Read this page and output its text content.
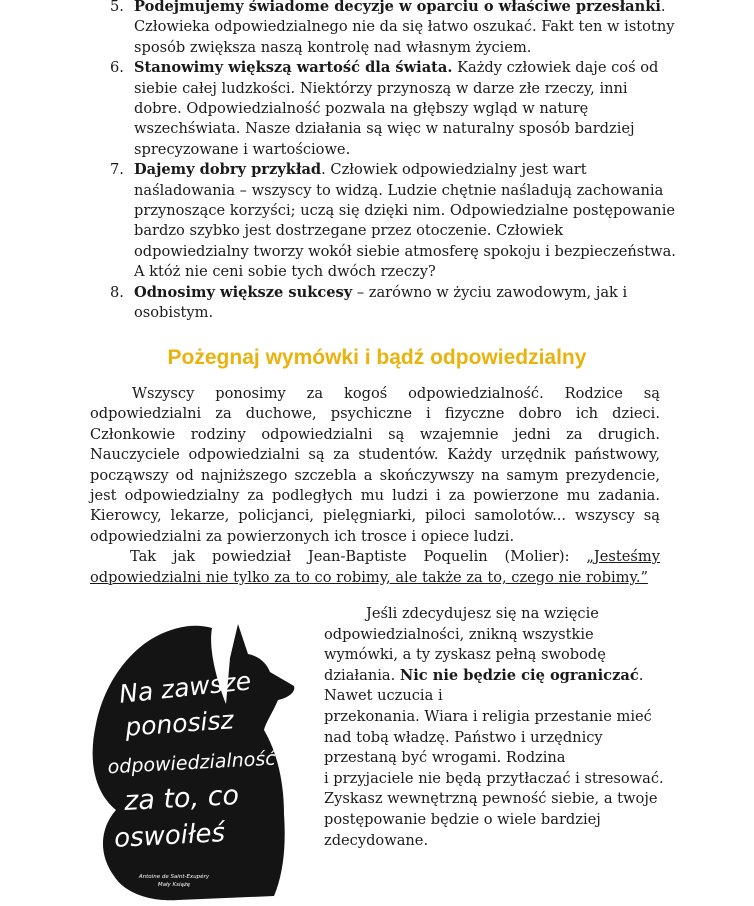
5. Podejmujemy świadome decyzje w oparciu o właściwe przesłanki. Człowieka odpowiedzialnego nie da się łatwo oszukać. Fakt ten w istotny sposób zwiększa naszą kontrolę nad własnym życiem.
6. Stanowimy większą wartość dla świata. Każdy człowiek daje coś od siebie całej ludzkości. Niektórzy przynoszą w darze złe rzeczy, inni dobre. Odpowiedzialność pozwala na głębszy wgląd w naturę wszechświata. Nasze działania są więc w naturalny sposób bardziej sprecyzowane i wartościowe.
7. Dajemy dobry przykład. Człowiek odpowiedzialny jest wart naśladowania – wszyscy to widzą. Ludzie chętnie naśladują zachowania przynoszące korzyści; uczą się dzięki nim. Odpowiedzialne postępowanie bardzo szybko jest dostrzegane przez otoczenie. Człowiek odpowiedzialny tworzy wokół siebie atmosferę spokoju i bezpieczeństwa. A któż nie ceni sobie tych dwóch rzeczy?
8. Odnosimy większe sukcesy – zarówno w życiu zawodowym, jak i osobistym.
Pożegnaj wymówki i bądź odpowiedzialny

Wszyscy ponosimy za kogoś odpowiedzialność. Rodzice są odpowiedzialni za duchowe, psychiczne i fizyczne dobro ich dzieci. Członkowie rodziny odpowiedzialni są wzajemnie jedni za drugich. Nauczyciele odpowiedzialni są za studentów. Każdy urzędnik państwowy, począwszy od najniższego szczebla a skończywszy na samym prezydencie, jest odpowiedzialny za podległych mu ludzi i za powierzone mu zadania. Kierowcy, lekarze, policjanci, pielęgniarki, piloci samolotów... wszyscy są odpowiedzialni za powierzonych ich trosce i opiece ludzi.

Tak jak powiedział Jean-Baptiste Poquelin (Molier): „Jesteśmy odpowiedzialni nie tylko za to co robimy, ale także za to, czego nie robimy.”

Na zawsze
ponosisz
odpowiedzialność
za to, co
oswoiłeś
Antoine de Saint-Exupéry
Mały Książę
Jeśli zdecydujesz się na wzięcie
odpowiedzialności, znikną wszystkie
wymówki, a ty zyskasz pełną swobodę
działania. Nic nie będzie cię ograniczać.
Nawet uczucia i
przekonania. Wiara i religia przestanie mieć
nad tobą władzę. Państwo i urzędnicy
przestaną być wrogami. Rodzina
i przyjaciele nie będą przytłaczać i stresować.
Zyskasz wewnętrzną pewność siebie, a twoje
postępowanie będzie o wiele bardziej
zdecydowane.
